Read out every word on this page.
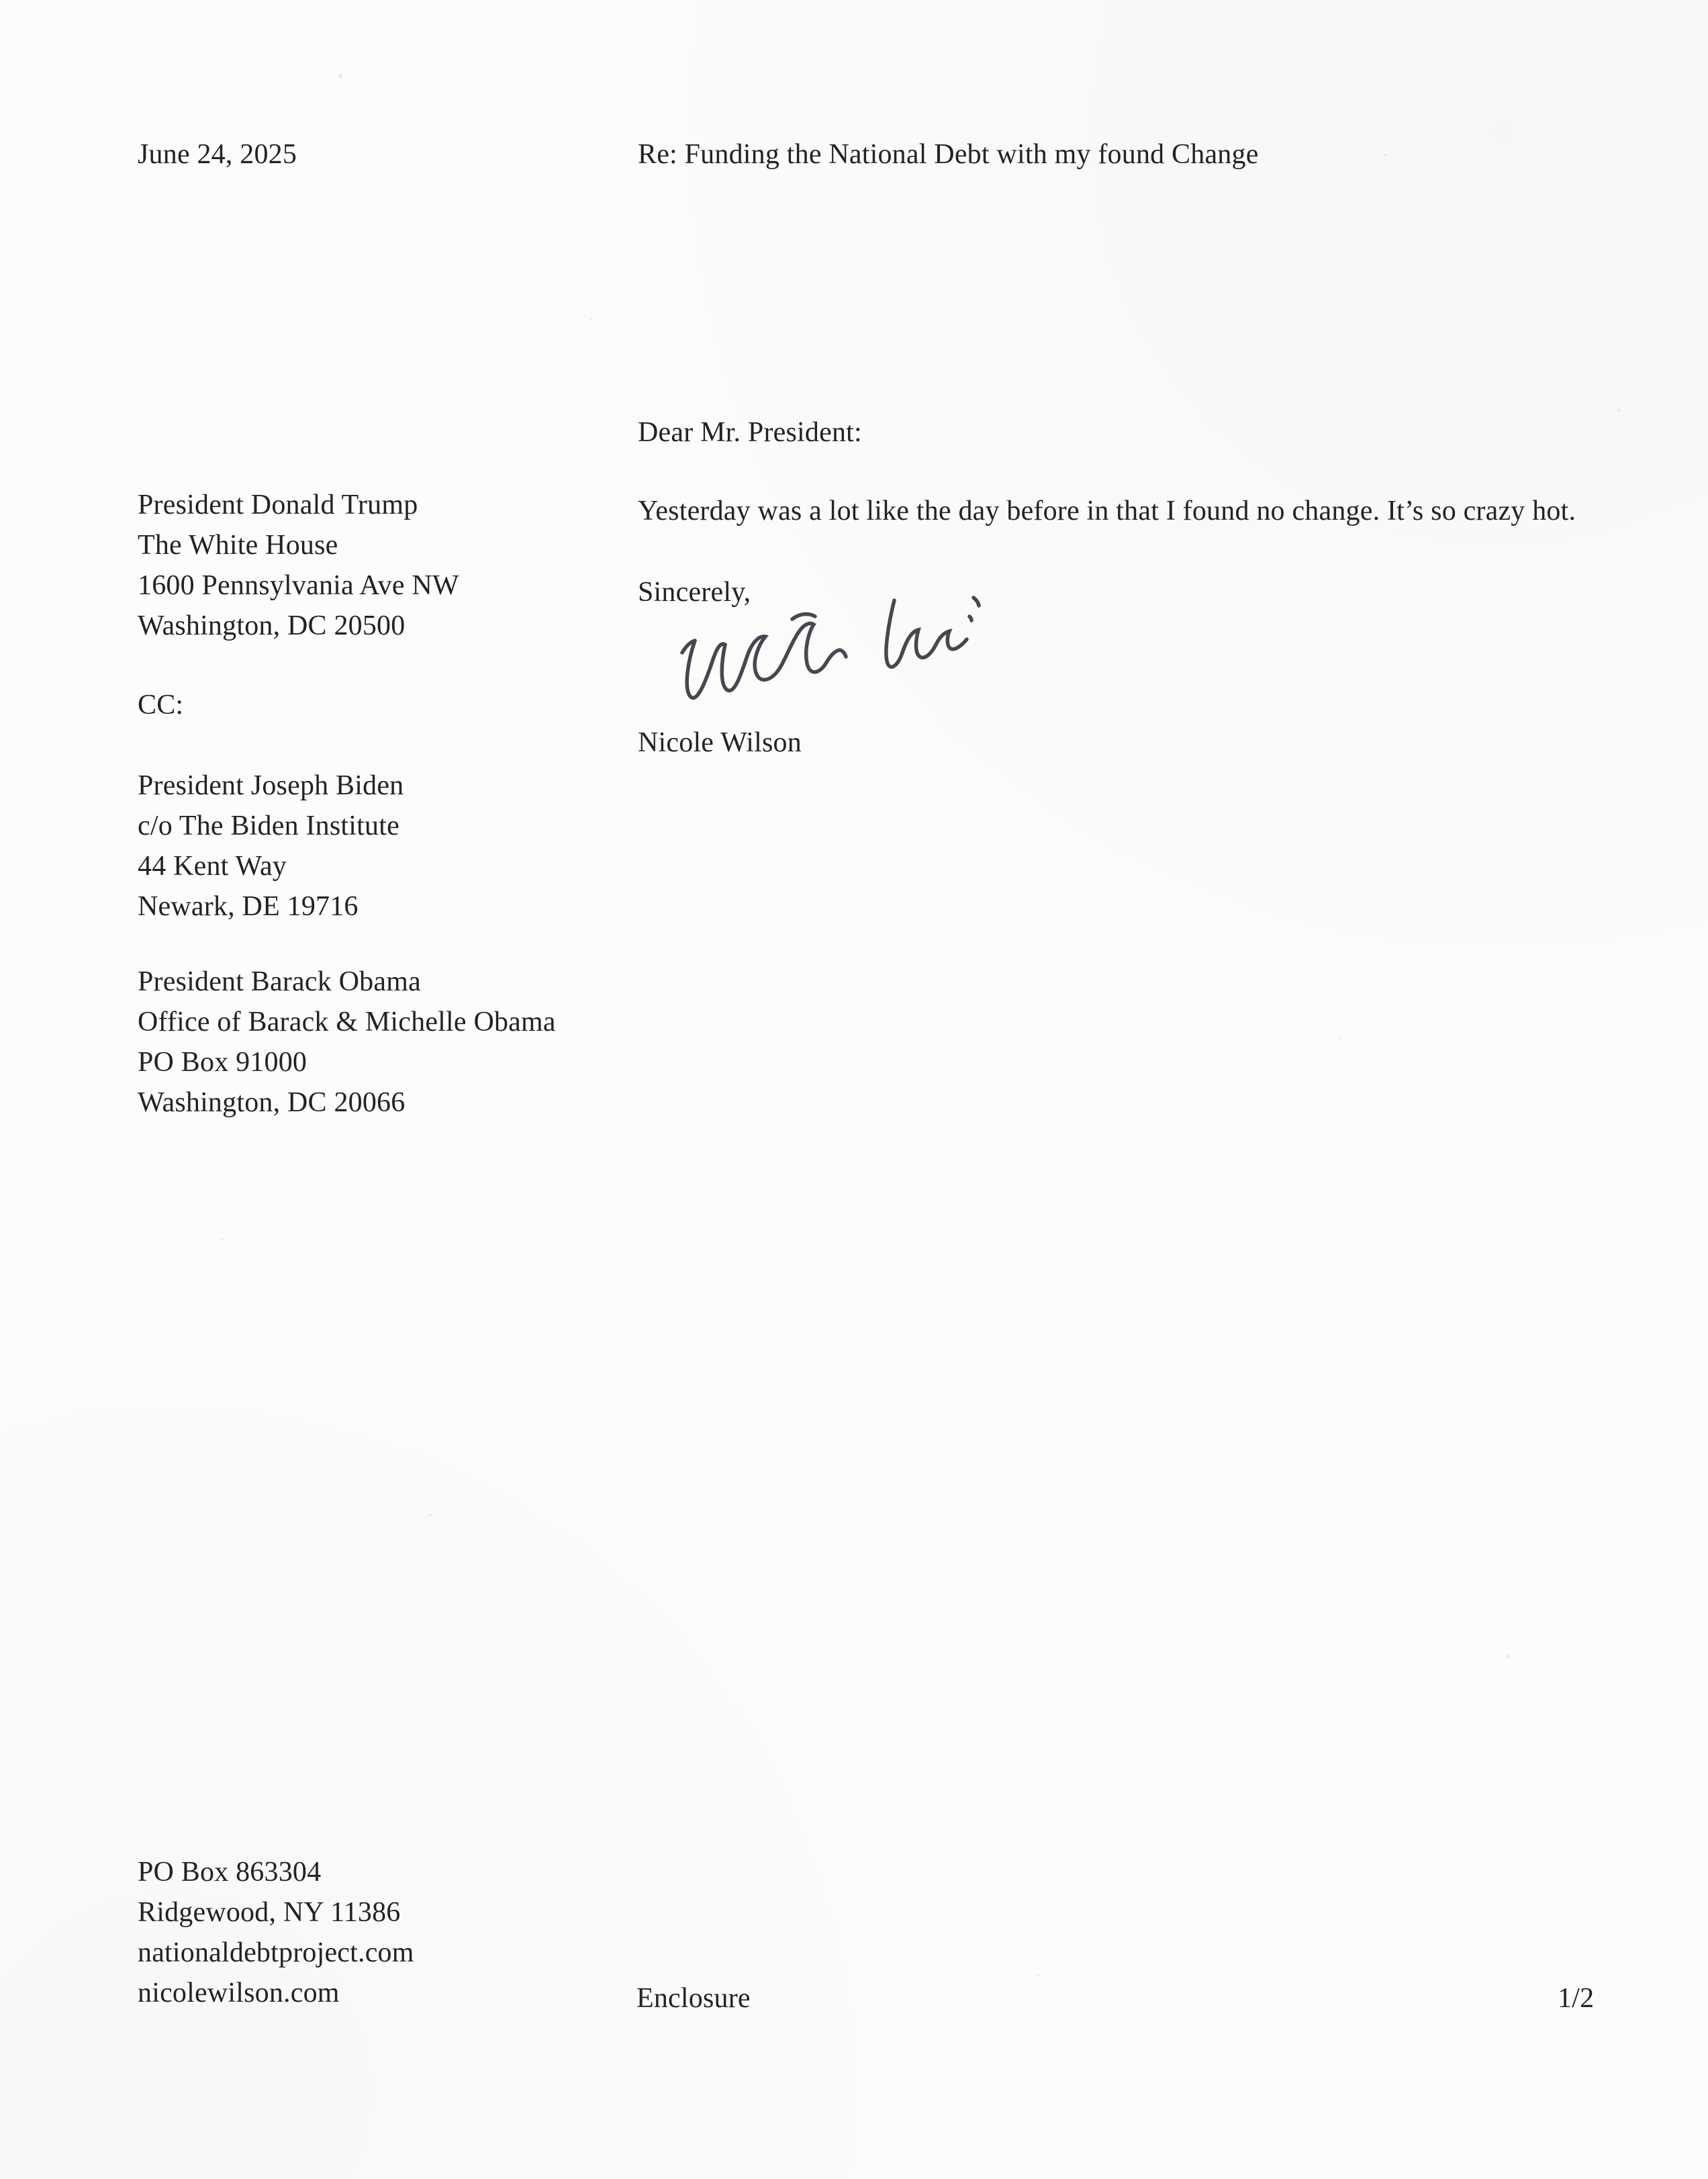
June 24, 2025	Re: Funding the National Debt with my found Change
President Donald Trump
The White House
1600 Pennsylvania Ave NW
Washington, DC 20500
CC:
President Joseph Biden
c/o The Biden Institute
44 Kent Way
Newark, DE 19716
President Barack Obama
Office of Barack & Michelle Obama
PO Box 91000
Washington, DC 20066
Dear Mr. President:

Yesterday was a lot like the day before in that I found no change. It’s so crazy hot.

Sincerely,
Nicole Wilson
PO Box 863304
Ridgewood, NY 11386
nationaldebtproject.com
nicolewilson.com	Enclosure	1/2
